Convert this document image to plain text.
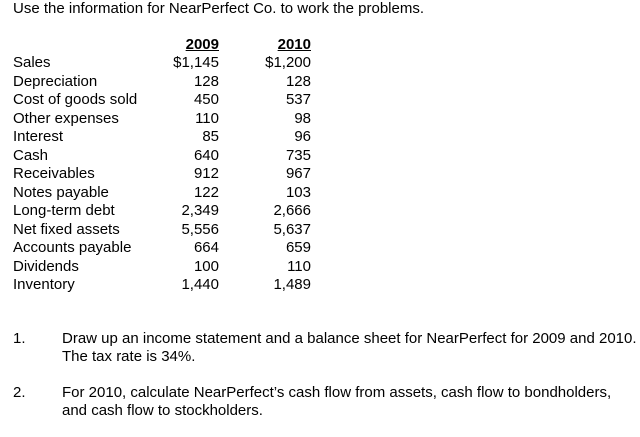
Use the information for NearPerfect Co. to work the problems.
	2009		2010
Sales	$1,145		$1,200
Depreciation	128		128
Cost of goods sold	450		537
Other expenses	110		98
Interest	85		96
Cash	640		735
Receivables	912		967
Notes payable	122		103
Long-term debt	2,349		2,666
Net fixed assets	5,556		5,637
Accounts payable	664		659
Dividends	100		110
Inventory	1,440		1,489
1. Draw up an income statement and a balance sheet for NearPerfect for 2009 and 2010. The tax rate is 34%.
2. For 2010, calculate NearPerfect’s cash flow from assets, cash flow to bondholders, and cash flow to stockholders.
